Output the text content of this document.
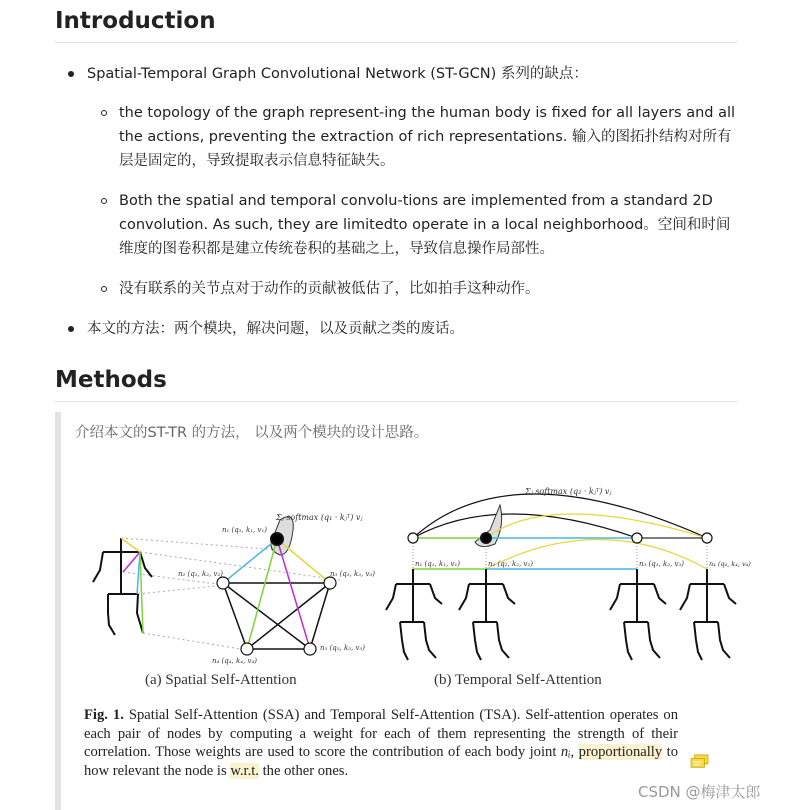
Introduction
Spatial-Temporal Graph Convolutional Network (ST-GCN) 系列的缺点：
the topology of the graph represent-ing the human body is fixed for all layers and all
the actions, preventing the extraction of rich representations. 输入的图拓扑结构对所有
层是固定的，导致提取表示信息特征缺失。
Both the spatial and temporal convolu-tions are implemented from a standard 2D
convolution. As such, they are limitedto operate in a local neighborhood。空间和时间
维度的图卷积都是建立传统卷积的基础之上，导致信息操作局部性。
没有联系的关节点对于动作的贡献被低估了，比如拍手这种动作。
本文的方法：两个模块，解决问题，以及贡献之类的废话。
Methods
介绍本文的ST-TR 的方法， 以及两个模块的设计思路。
Σⱼ softmax (q₁ · kⱼᵀ) vⱼ
n₁ (q₁, k₁, v₁)
n₂ (q₂, k₂, v₂)	n₃ (q₃, k₃, v₃)
n₄ (q₄, k₄, v₄)
n₅ (q₅, k₅, v₅)
Σⱼ softmax (q₂ · kⱼᵀ) vⱼ
n₁ (q₁, k₁, v₁)	n₂ (q₂, k₂, v₂)	n₃ (q₃, k₃, v₃)	n₄ (q₄, k₄, v₄)
(a) Spatial Self-Attention	(b) Temporal Self-Attention
Fig. 1. Spatial Self-Attention (SSA) and Temporal Self-Attention (TSA). Self-attention operates on each pair of nodes by computing a weight for each of them representing the strength of their correlation. Those weights are used to score the contribution of each body joint nᵢ, proportionally to how relevant the node is w.r.t. the other ones.
CSDN @梅津太郎
